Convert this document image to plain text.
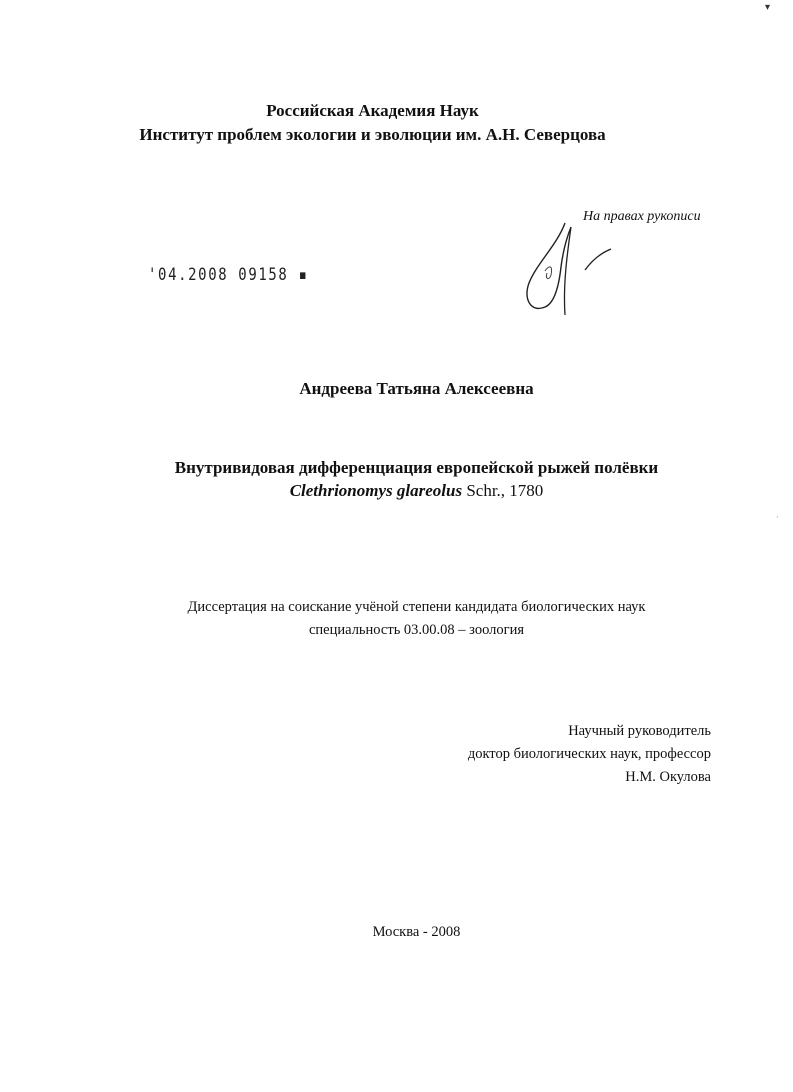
▾
Российская Академия Наук
Институт проблем экологии и эволюции им. А.Н. Северцова
На правах рукописи
'04.2008 09158 ▪
Андреева Татьяна Алексеевна
Внутривидовая дифференциация европейской рыжей полёвки
Clethrionomys glareolus Schr., 1780
Диссертация на соискание учёной степени кандидата биологических наук
специальность 03.00.08 – зоология
Научный руководитель
доктор биологических наук, профессор
Н.М. Окулова
·
Москва - 2008
